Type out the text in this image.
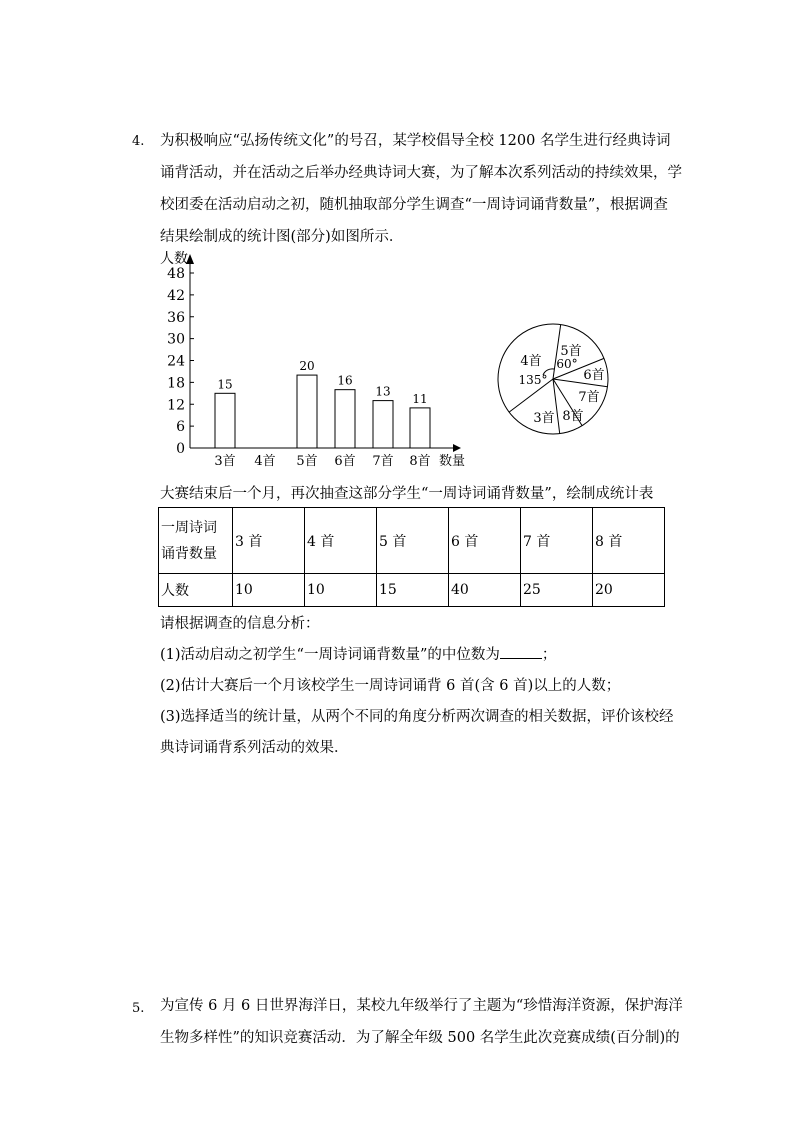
4. 为积极响应“弘扬传统文化”的号召，某学校倡导全校 1200 名学生进行经典诗词
诵背活动，并在活动之后举办经典诗词大赛，为了解本次系列活动的持续效果，学
校团委在活动启动之初，随机抽取部分学生调查“一周诗词诵背数量”，根据调查
结果绘制成的统计图(部分)如图所示．
人数
0
6
12
18
24
30
36
42
48
3首
15
4首 5首
20
6首
16
7首
13
8首
11
数量
4首
5首
6首
7首
8首
3首
135°
60°
大赛结束后一个月，再次抽查这部分学生“一周诗词诵背数量”，绘制成统计表
一周诗词
诵背数量	3 首	4 首	5 首	6 首	7 首	8 首
人数	10	10	15	40	25	20
请根据调查的信息分析：
(1)活动启动之初学生“一周诗词诵背数量”的中位数为	；
(2)估计大赛后一个月该校学生一周诗词诵背 6 首(含 6 首)以上的人数；
(3)选择适当的统计量，从两个不同的角度分析两次调查的相关数据，评价该校经
典诗词诵背系列活动的效果．
5. 为宣传 6 月 6 日世界海洋日，某校九年级举行了主题为“珍惜海洋资源，保护海洋
生物多样性”的知识竞赛活动．为了解全年级 500 名学生此次竞赛成绩(百分制)的
